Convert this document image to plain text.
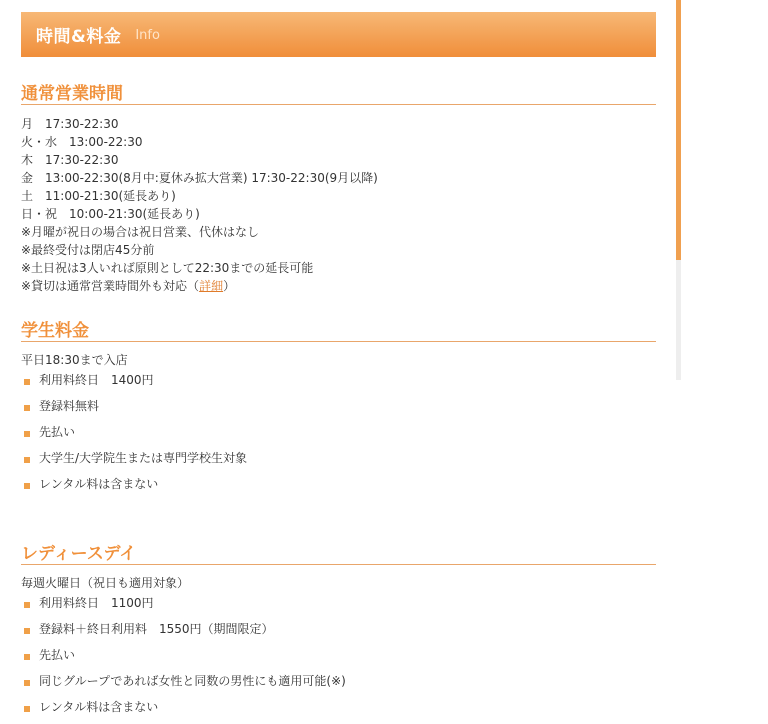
時間&料金 Info
通常営業時間
月　17:30-22:30
火・水　13:00-22:30
木　17:30-22:30
金　13:00-22:30(8月中:夏休み拡大営業) 17:30-22:30(9月以降)
土　11:00-21:30(延長あり)
日・祝　10:00-21:30(延長あり)
※月曜が祝日の場合は祝日営業、代休はなし
※最終受付は閉店45分前
※土日祝は3人いれば原則として22:30までの延長可能
※貸切は通常営業時間外も対応（詳細）
学生料金
平日18:30まで入店
利用料終日　1400円
登録料無料
先払い
大学生/大学院生または専門学校生対象
レンタル料は含まない
レディースデイ
毎週火曜日（祝日も適用対象）
利用料終日　1100円
登録料＋終日利用料　1550円（期間限定）
先払い
同じグループであれば女性と同数の男性にも適用可能(※)
レンタル料は含まない
